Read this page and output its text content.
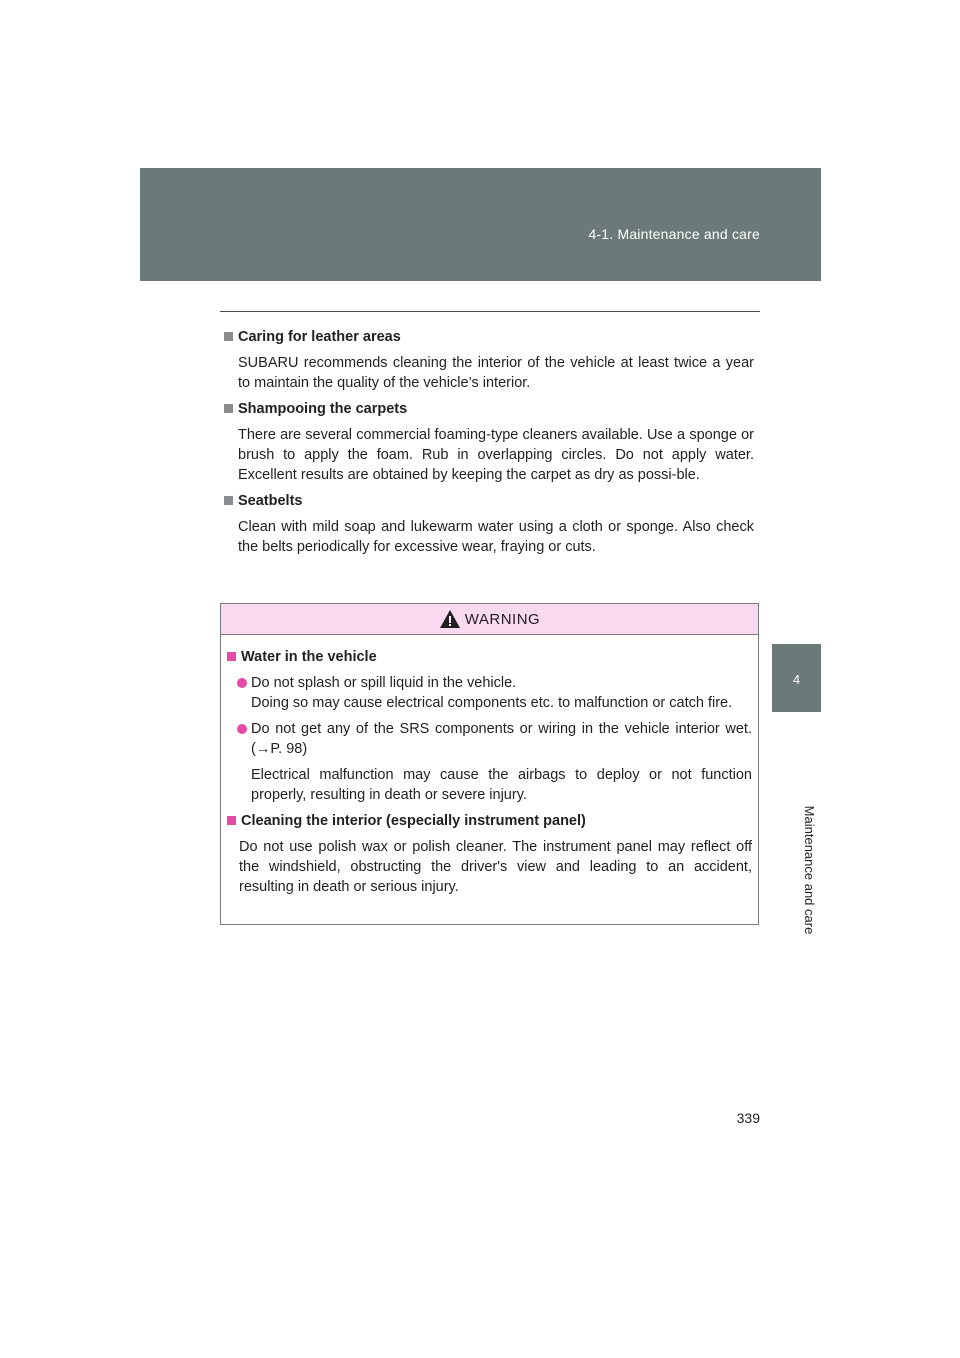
4-1. Maintenance and care
4
Maintenance and care
Caring for leather areas
SUBARU recommends cleaning the interior of the vehicle at least twice a year to maintain the quality of the vehicle’s interior.
Shampooing the carpets
There are several commercial foaming-type cleaners available. Use a sponge or brush to apply the foam. Rub in overlapping circles. Do not apply water. Excellent results are obtained by keeping the carpet as dry as possi-ble.
Seatbelts
Clean with mild soap and lukewarm water using a cloth or sponge. Also check the belts periodically for excessive wear, fraying or cuts.
WARNING
Water in the vehicle
Do not splash or spill liquid in the vehicle.
Doing so may cause electrical components etc. to malfunction or catch fire.
Do not get any of the SRS components or wiring in the vehicle interior wet. (→P. 98)
Electrical malfunction may cause the airbags to deploy or not function properly, resulting in death or severe injury.
Cleaning the interior (especially instrument panel)
Do not use polish wax or polish cleaner. The instrument panel may reflect off the windshield, obstructing the driver's view and leading to an accident, resulting in death or serious injury.
339
